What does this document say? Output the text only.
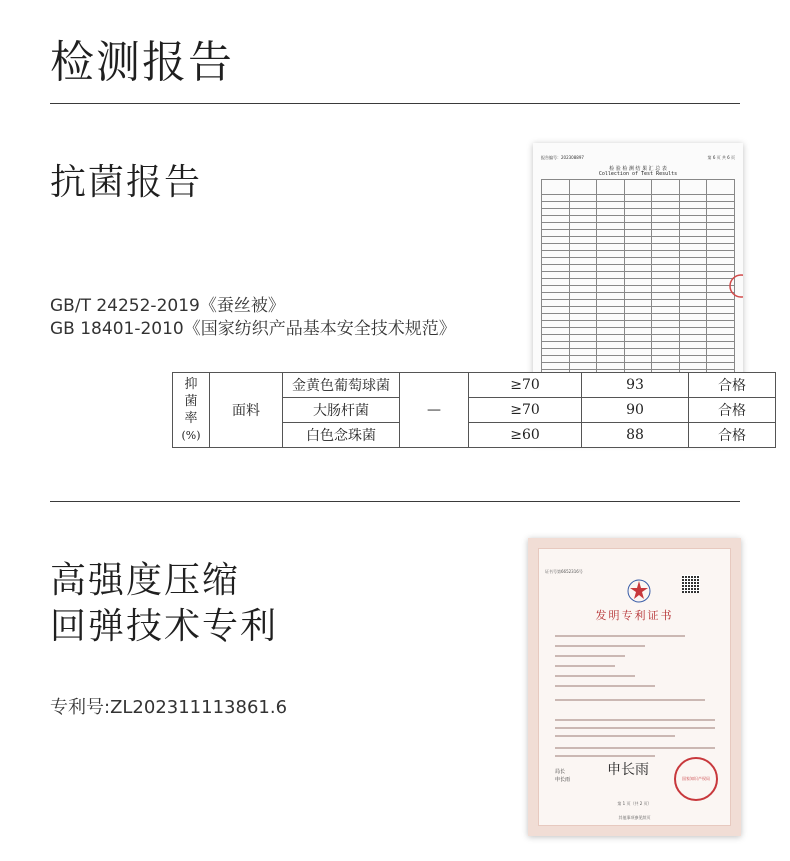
检测报告
抗菌报告
GB/T 24252-2019《蚕丝被》
GB 18401-2010《国家纺织产品基本安全技术规范》
报告编号：202308897	第 6 页 共 6 页
检 验 检 测 结 果 汇 总 表
Collection of Test Results

抑
菌
率
(%)	面料	金黄色葡萄球菌	—	≥70	93	合格
		大肠杆菌		≥70	90	合格
		白色念珠菌		≥60	88	合格
高强度压缩
回弹技术专利
专利号:ZL202311113861.6
证书号第6652316号
发明专利证书
申长雨
局长
申长雨	国家知识产权局
第 1 页（共 2 页）
其他事项参见续页
